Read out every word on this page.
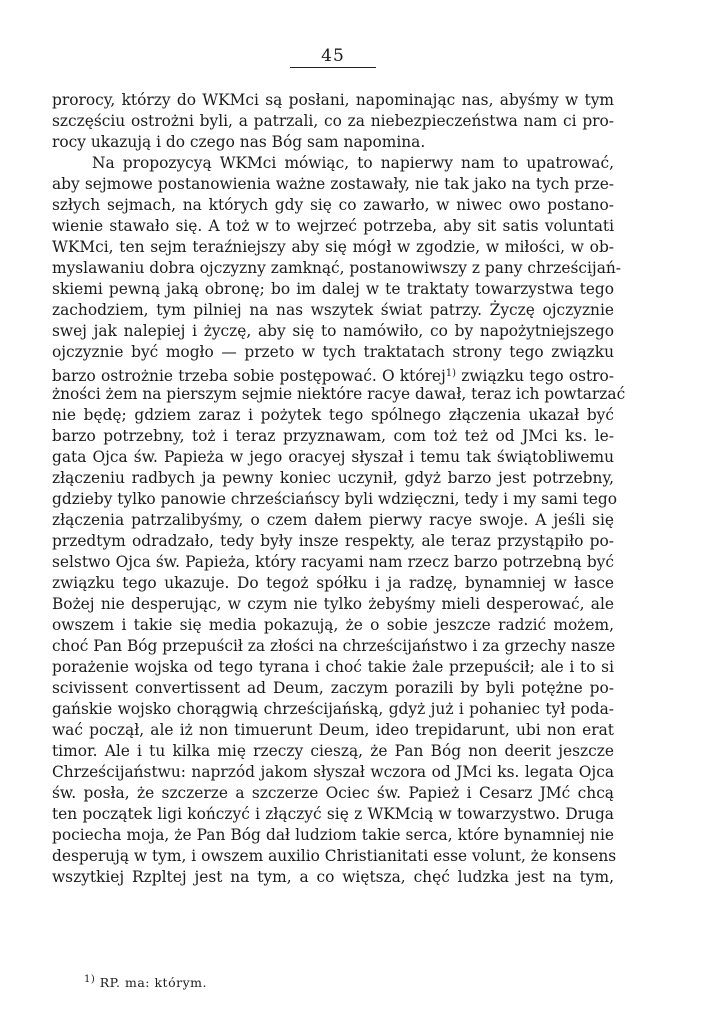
45
proroсy, którzy do WKMci są posłani, napominając nas, abyśmy w tym
szczęściu ostrożni byli, a patrzali, co za niebezpieczeństwa nam ci pro-
rocy ukazują i do czego nas Bóg sam napomina.
Na propozycyą WKMci mówiąc, to napierwy nam to upatrować,
aby sejmowe postanowienia ważne zostawały, nie tak jako na tych prze-
szłych sejmach, na których gdy się co zawarło, w niwec owo postano-
wienie stawało się. A toż w to wejrzeć potrzeba, aby sit satis voluntati
WKMci, ten sejm teraźniejszy aby się mógł w zgodzie, w miłości, w ob-
myslawaniu dobra ojczyzny zamknąć, postanowiwszy z pany chrześcijań-
skiemi pewną jaką obronę; bo im dalej w te traktaty towarzystwa tego
zachodziem, tym pilniej na nas wszytek świat patrzy. Życzę ojczyznie
swej jak nalepiej i życzę, aby się to namówiło, co by napożytniejszego
ojczyznie być mogło — przeto w tych traktatach strony tego związku
barzo ostrożnie trzeba sobie postępować. O której$^{1)}$ związku tego ostro-
żności żem na pierszym sejmie niektóre racye dawał, teraz ich powtarzać
nie będę; gdziem zaraz i pożytek tego spólnego złączenia ukazał być
barzo potrzebny, toż i teraz przyznawam, com toż też od JMci ks. le-
gata Ojca św. Papieża w jego oracyej słyszał i temu tak świątobliwemu
złączeniu radbych ja pewny koniec uczynił, gdyż barzo jest potrzebny,
gdzieby tylko panowie chrześciańscy byli wdzięczni, tedy i my sami tego
złączenia patrzalibyśmy, o czem dałem pierwy racye swoje. A jeśli się
przedtym odradzało, tedy były insze respekty, ale teraz przystąpiło po-
selstwo Ojca św. Papieża, który racyami nam rzecz barzo potrzebną być
związku tego ukazuje. Do tegoż spółku i ja radzę, bynamniej w łasce
Bożej nie desperując, w czym nie tylko żebyśmy mieli desperować, ale
owszem i takie się media pokazują, że o sobie jeszcze radzić możem,
choć Pan Bóg przepuścił za złości na chrześcijaństwo i za grzechy nasze
porażenie wojska od tego tyrana i choć takie żale przepuścił; ale i to si
scivissent convertissent ad Deum, zaczym porazili by byli potężne po-
gańskie wojsko chorągwią chrześcijańską, gdyż już i pohaniec tył poda-
wać począł, ale iż non timuerunt Deum, ideo trepidarunt, ubi non erat
timor. Ale i tu kilka mię rzeczy cieszą, że Pan Bóg non deerit jeszcze
Chrześcijaństwu: naprzód jakom słyszał wczora od JMci ks. legata Ojca
św. posła, że szczerze a szczerze Ociec św. Papież i Cesarz JMć chcą
ten początek ligi kończyć i złączyć się z WKMcią w towarzystwo. Druga
pociecha moja, że Pan Bóg dał ludziom takie serca, które bynamniej nie
desperują w tym, i owszem auxilio Christianitati esse volunt, że konsens
wszytkiej Rzpltej jest na tym, a co więtsza, chęć ludzka jest na tym,
$^{1)}$ RP. ma: którym.
